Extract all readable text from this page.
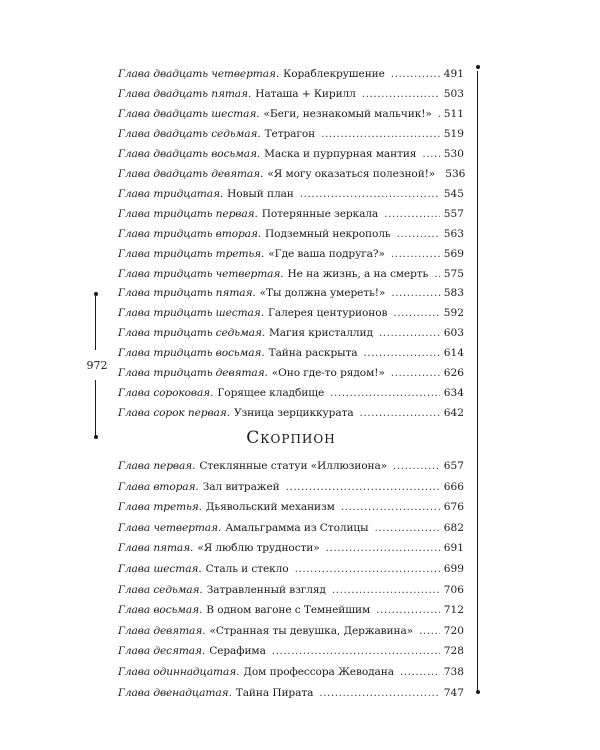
972
Глава двадцать четвертая. Кораблекрушение .....	491
Глава двадцать пятая. Наташа + Кирилл .....	503
Глава двадцать шестая. «Беги, незнакомый мальчик!» ..... 511
Глава двадцать седьмая. Тетрагон .....	519
Глава двадцать восьмая. Маска и пурпурная мантия .....	530
Глава двадцать девятая. «Я могу оказаться полезной!» 536
Глава тридцатая. Новый план .....	545
Глава тридцать первая. Потерянные зеркала .....	557
Глава тридцать вторая. Подземный некрополь .....	563
Глава тридцать третья. «Где ваша подруга?» .....	569
Глава тридцать четвертая. Не на жизнь, а на смерть ..... 575
Глава тридцать пятая. «Ты должна умереть!» .....	583
Глава тридцать шестая. Галерея центурионов .....	592
Глава тридцать седьмая. Магия кристаллид .....	603
Глава тридцать восьмая. Тайна раскрыта .....	614
Глава тридцать девятая. «Оно где-то рядом!» .....	626
Глава сороковая. Горящее кладбище .....	634
Глава сорок первая. Узница зерциккурата .....	642
Скорпион
Глава первая. Стеклянные статуи «Иллюзиона» .....	657
Глава вторая. Зал витражей .....	666
Глава третья. Дьявольский механизм .....	676
Глава четвертая. Амальграмма из Столицы .....	682
Глава пятая. «Я люблю трудности» .....	691
Глава шестая. Сталь и стекло .....	699
Глава седьмая. Затравленный взгляд .....	706
Глава восьмая. В одном вагоне с Темнейшим .....	712
Глава девятая. «Странная ты девушка, Державина» .....	720
Глава десятая. Серафима .....	728
Глава одиннадцатая. Дом профессора Жеводана .....	738
Глава двенадцатая. Тайна Пирата .....	747
